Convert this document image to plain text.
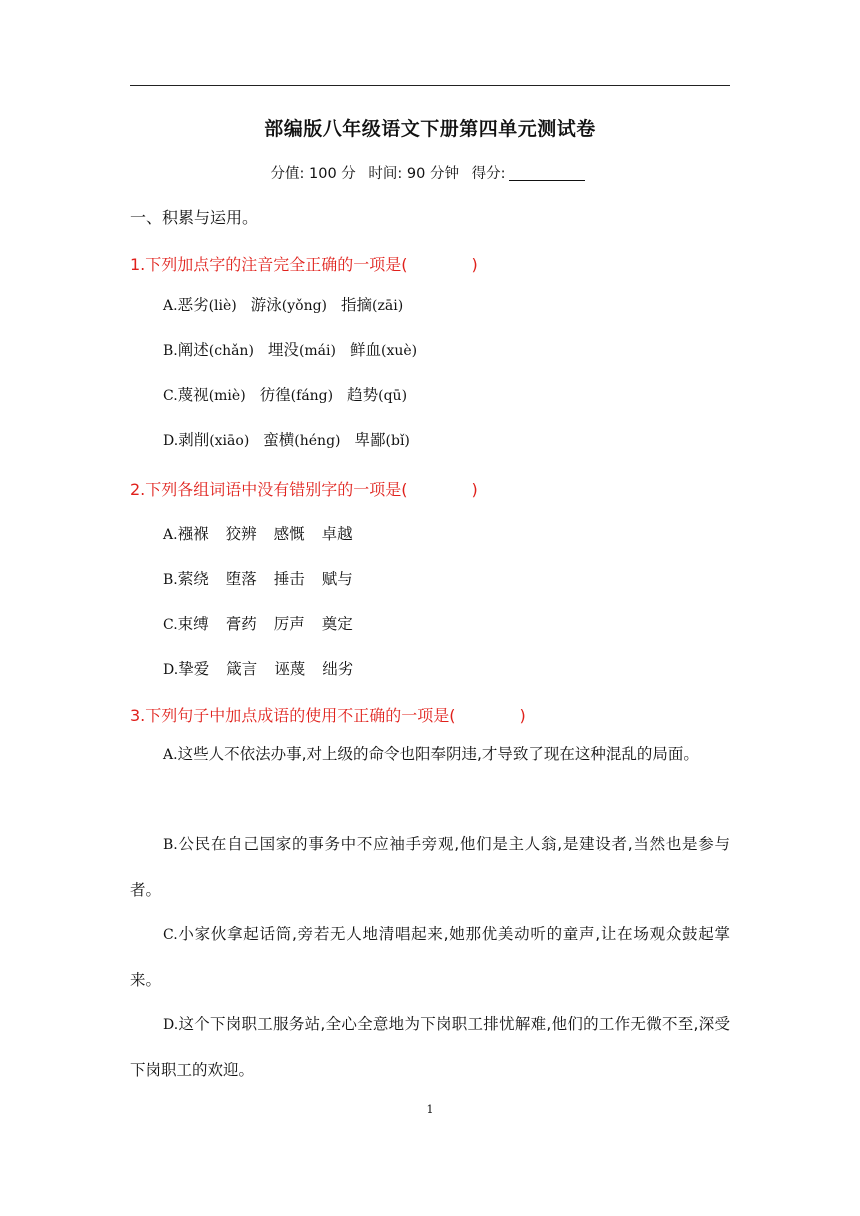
部编版八年级语文下册第四单元测试卷
分值: 100 分 时间: 90 分钟 得分:
一、积累与运用。
1.下列加点字的注音完全正确的一项是(　　　　)
A.恶劣(liè) 游泳(yǒng) 指摘(zāi)
B.阐述(chǎn) 埋没(mái) 鲜血(xuè)
C.蔑视(miè) 彷徨(fáng) 趋势(qū)
D.剥削(xiāo) 蛮横(héng) 卑鄙(bǐ)
2.下列各组词语中没有错别字的一项是(　　　　)
A.襁褓 狡辨 感慨 卓越
B.萦绕 堕落 捶击 赋与
C.束缚 膏药 厉声 奠定
D.挚爱 箴言 诬蔑 绌劣
3.下列句子中加点成语的使用不正确的一项是(　　　　)
A.这些人不依法办事,对上级的命令也阳奉阴违,才导致了现在这种混乱的局面。
B.公民在自己国家的事务中不应袖手旁观,他们是主人翁,是建设者,当然也是参与者。
C.小家伙拿起话筒,旁若无人地清唱起来,她那优美动听的童声,让在场观众鼓起掌来。
D.这个下岗职工服务站,全心全意地为下岗职工排忧解难,他们的工作无微不至,深受下岗职工的欢迎。
1
